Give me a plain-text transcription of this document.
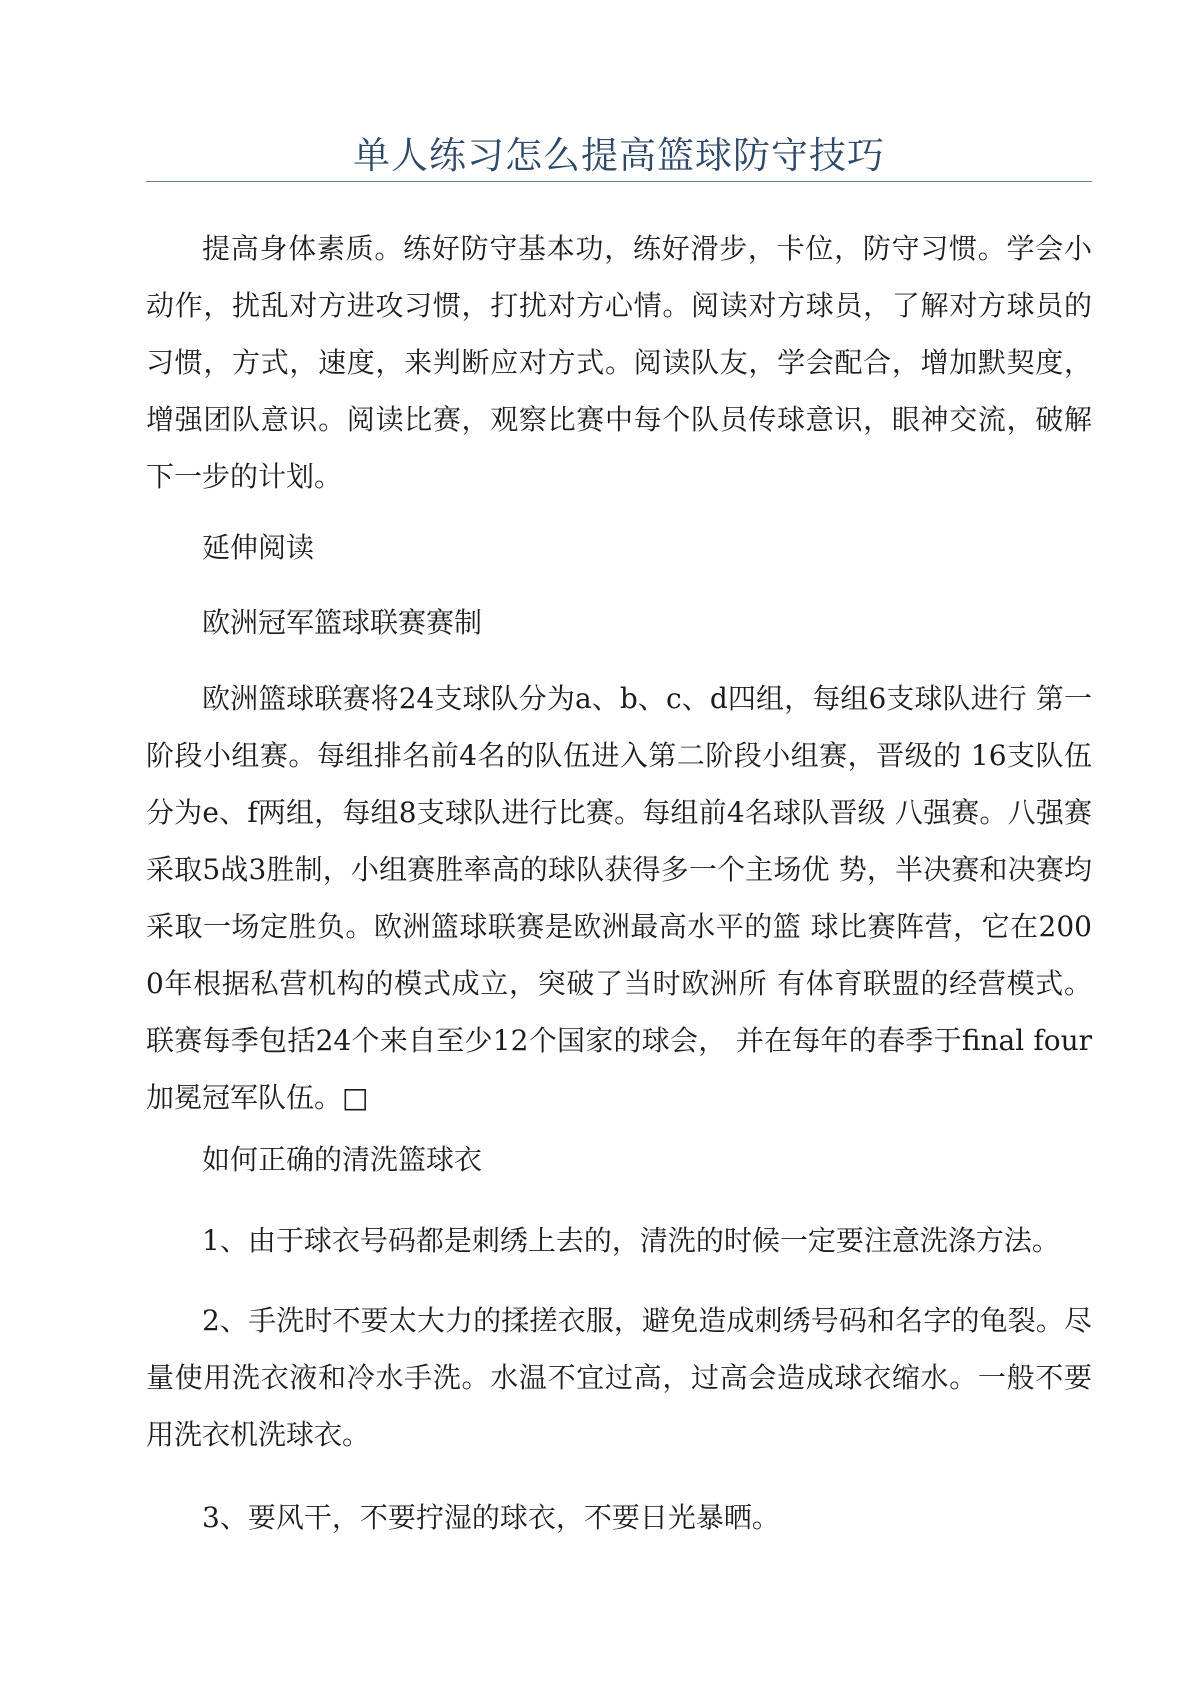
单人练习怎么提高篮球防守技巧

提高身体素质。练好防守基本功，练好滑步，卡位，防守习惯。学会小动作，扰乱对方进攻习惯，打扰对方心情。阅读对方球员，了解对方球员的习惯，方式，速度，来判断应对方式。阅读队友，学会配合，增加默契度，增强团队意识。阅读比赛，观察比赛中每个队员传球意识，眼神交流，破解下一步的计划。

延伸阅读

欧洲冠军篮球联赛赛制

欧洲篮球联赛将24支球队分为a、b、c、d四组，每组6支球队进行 第一阶段小组赛。每组排名前4名的队伍进入第二阶段小组赛，晋级的 16支队伍分为e、f两组，每组8支球队进行比赛。每组前4名球队晋级 八强赛。八强赛采取5战3胜制，小组赛胜率高的球队获得多一个主场优 势，半决赛和决赛均采取一场定胜负。欧洲篮球联赛是欧洲最高水平的篮 球比赛阵营，它在2000年根据私营机构的模式成立，突破了当时欧洲所 有体育联盟的经营模式。联赛每季包括24个来自至少12个国家的球会， 并在每年的春季于final four加冕冠军队伍。□

如何正确的清洗篮球衣

1、由于球衣号码都是刺绣上去的，清洗的时候一定要注意洗涤方法。

2、手洗时不要太大力的揉搓衣服，避免造成刺绣号码和名字的龟裂。尽量使用洗衣液和冷水手洗。水温不宜过高，过高会造成球衣缩水。一般不要用洗衣机洗球衣。

3、要风干，不要拧湿的球衣，不要日光暴晒。
